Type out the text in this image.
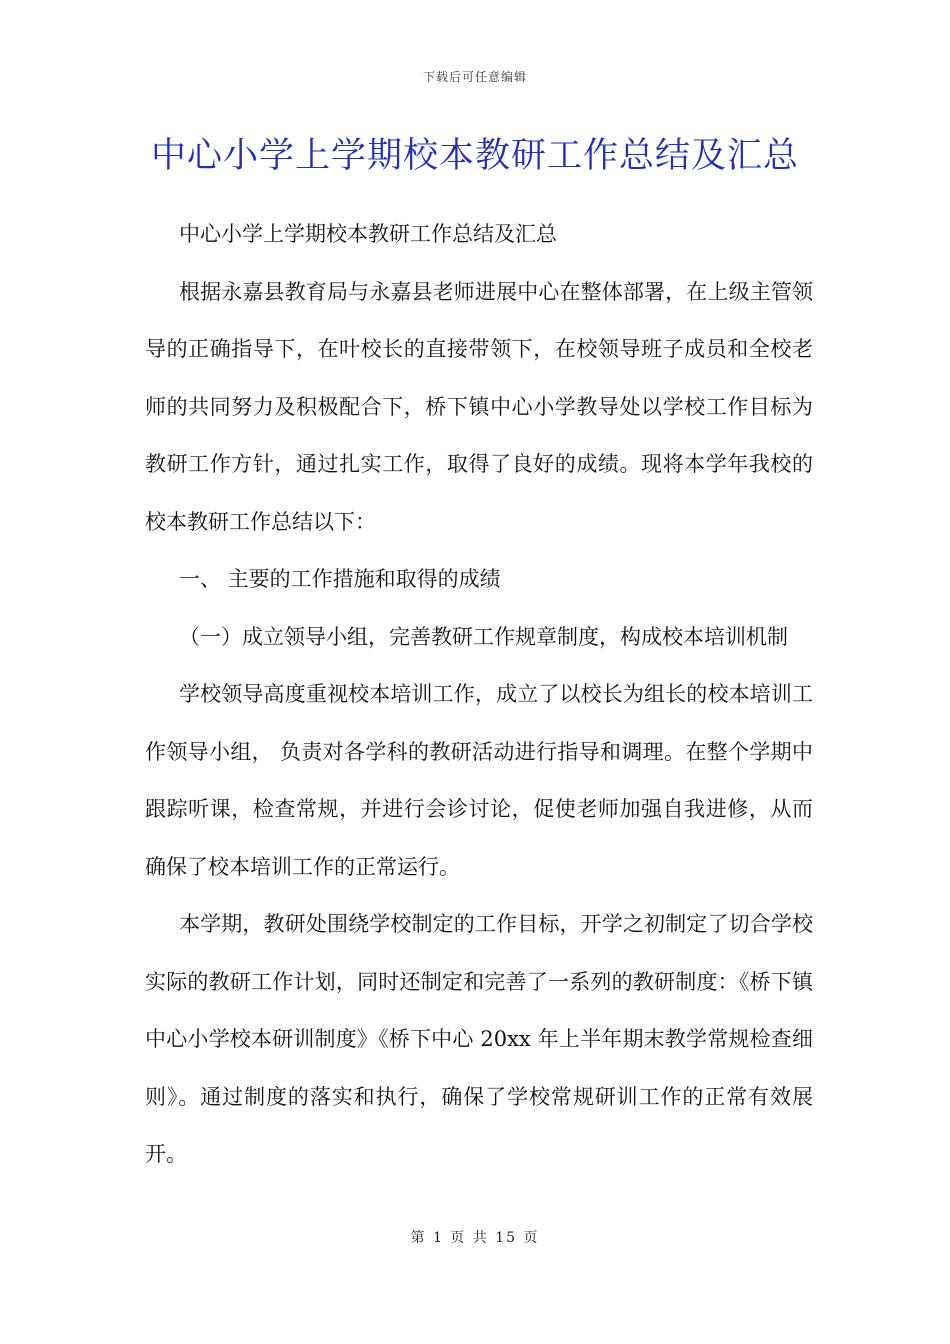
下载后可任意编辑
中心小学上学期校本教研工作总结及汇总

中心小学上学期校本教研工作总结及汇总

根据永嘉县教育局与永嘉县老师进展中心在整体部署，在上级主管领导的正确指导下，在叶校长的直接带领下，在校领导班子成员和全校老师的共同努力及积极配合下，桥下镇中心小学教导处以学校工作目标为教研工作方针，通过扎实工作，取得了良好的成绩。现将本学年我校的校本教研工作总结以下：

一、 主要的工作措施和取得的成绩

（一）成立领导小组，完善教研工作规章制度，构成校本培训机制

学校领导高度重视校本培训工作，成立了以校长为组长的校本培训工作领导小组， 负责对各学科的教研活动进行指导和调理。在整个学期中跟踪听课，检查常规，并进行会诊讨论，促使老师加强自我进修，从而确保了校本培训工作的正常运行。

本学期，教研处围绕学校制定的工作目标，开学之初制定了切合学校实际的教研工作计划，同时还制定和完善了一系列的教研制度：《桥下镇中心小学校本研训制度》《桥下中心 20xx 年上半年期末教学常规检查细则》。通过制度的落实和执行，确保了学校常规研训工作的正常有效展开。

第 1 页 共 15 页
